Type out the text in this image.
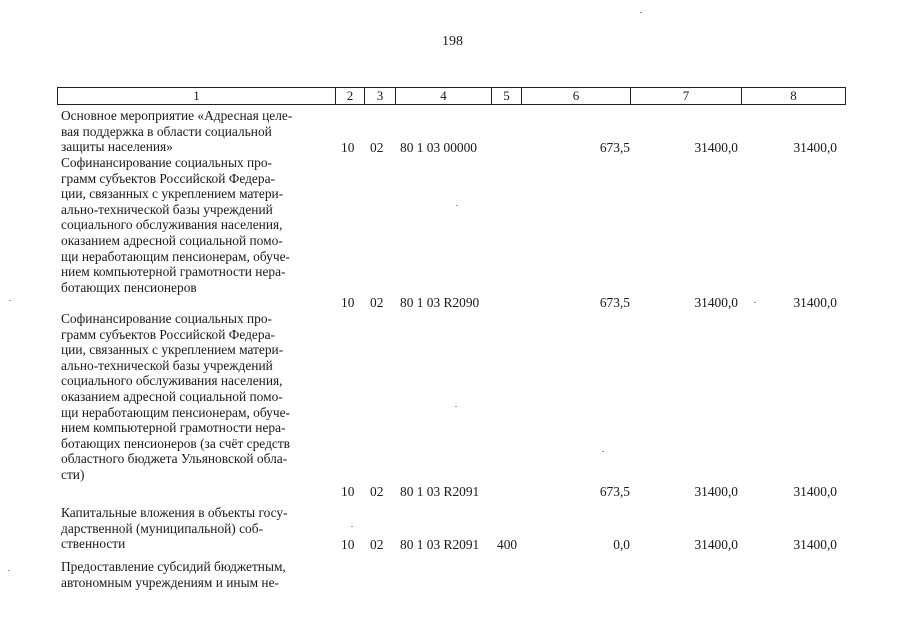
198
1	2	3	4	5	6	7	8
Основное мероприятие «Адресная целе-
вая поддержка в области социальной
защиты населения»	10 02 80 1 03 00000	673,5	31400,0	31400,0
Софинансирование социальных про-
грамм субъектов Российской Федера-
ции, связанных с укреплением матери-
ально-технической базы учреждений
социального обслуживания населения,
оказанием адресной социальной помо-
щи неработающим пенсионерам, обуче-
нием компьютерной грамотности нера-
ботающих пенсионеров
10 02 80 1 03 R2090	673,5	31400,0	31400,0
Софинансирование социальных про-
грамм субъектов Российской Федера-
ции, связанных с укреплением матери-
ально-технической базы учреждений
социального обслуживания населения,
оказанием адресной социальной помо-
щи неработающим пенсионерам, обуче-
нием компьютерной грамотности нера-
ботающих пенсионеров (за счёт средств
областного бюджета Ульяновской обла-
сти)
10 02 80 1 03 R2091	673,5	31400,0	31400,0
Капитальные вложения в объекты госу-
дарственной (муниципальной) соб-
ственности	10 02 80 1 03 R2091 400	0,0	31400,0	31400,0
Предоставление субсидий бюджетным,
автономным учреждениям и иным не-
